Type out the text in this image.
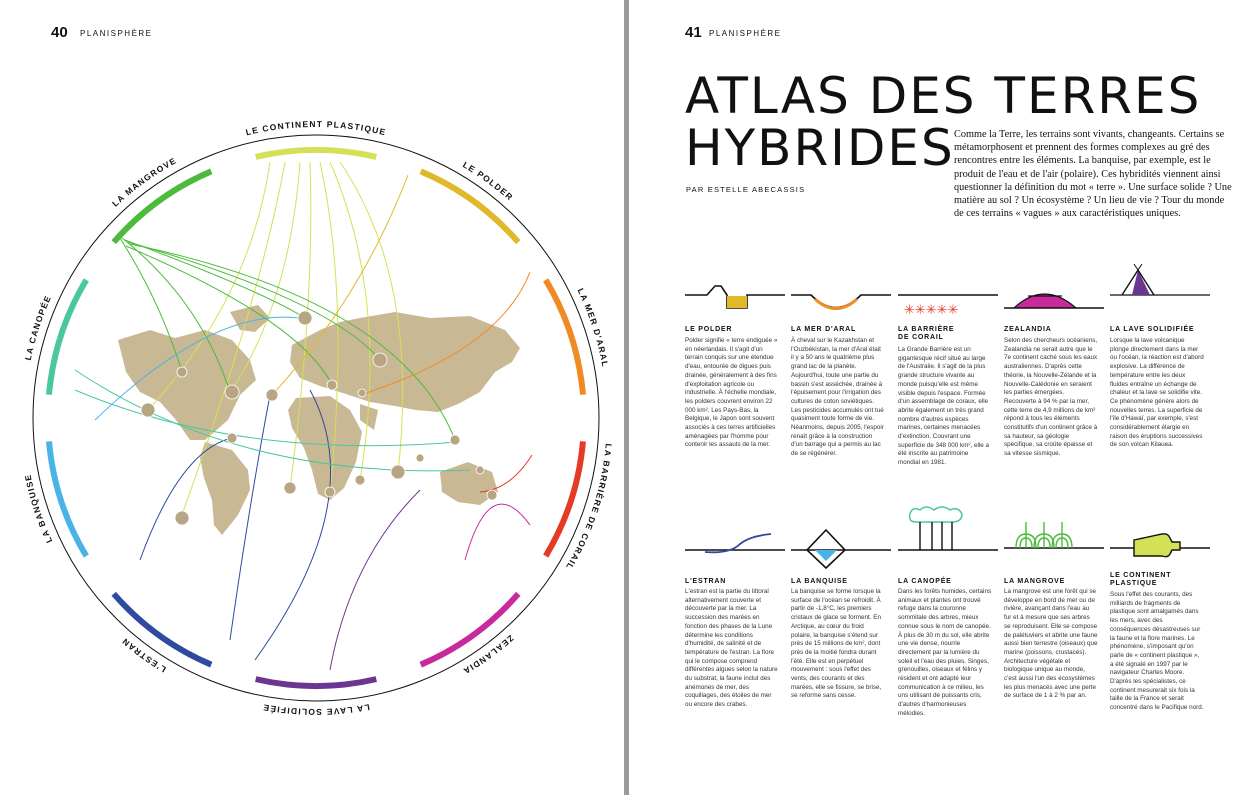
40 PLANISPHÈRE
LE CONTINENT PLASTIQUE
LE POLDER
LA MER D'ARAL
LA BARRIÈRE DE CORAIL
ZEALANDIA
LA LAVE SOLIDIFIÉE
L'ESTRAN
LA BANQUISE
LA CANOPÉE
LA MANGROVE
41 PLANISPHÈRE
ATLAS DES TERRES
HYBRIDES
PAR ESTELLE ABECASSIS

Comme la Terre, les terrains sont vivants, changeants. Certains se métamorphosent et prennent des formes complexes au gré des rencontres entre les éléments. La banquise, par exemple, est le produit de l'eau et de l'air (polaire). Ces hybridités viennent ainsi questionner la définition du mot « terre ». Une surface solide ? Une matière au sol ? Un écosystème ? Un lieu de vie ? Tour du monde de ces terrains « vagues » aux caractéristiques uniques.

LE POLDER

Polder signifie « terre endiguée » en néerlandais. Il s'agit d'un terrain conquis sur une étendue d'eau, entourée de digues puis drainée, généralement à des fins d'exploitation agricole ou industrielle. À l'échelle mondiale, les polders couvrent environ 22 000 km². Les Pays-Bas, la Belgique, le Japon sont souvent associés à ces terres artificielles aménagées par l'homme pour contenir les assauts de la mer.

LA MER D'ARAL

À cheval sur le Kazakhstan et l'Ouzbékistan, la mer d'Aral était il y a 50 ans le quatrième plus grand lac de la planète. Aujourd'hui, toute une partie du bassin s'est asséchée, drainée à l'épuisement pour l'irrigation des cultures de coton soviétiques. Les pesticides accumulés ont tué quasiment toute forme de vie. Néanmoins, depuis 2005, l'espoir renaît grâce à la construction d'un barrage qui a permis au lac de se régénérer.

✳✳✳✳✳
LA BARRIÈRE DE CORAIL

La Grande Barrière est un gigantesque récif situé au large de l'Australie. Il s'agit de la plus grande structure vivante au monde puisqu'elle est même visible depuis l'espace. Formée d'un assemblage de coraux, elle abrite également un très grand nombre d'autres espèces marines, certaines menacées d'extinction. Couvrant une superficie de 348 000 km², elle a été inscrite au patrimoine mondial en 1981.

ZEALANDIA

Selon des chercheurs océaniens, Zealandia ne serait autre que le 7e continent caché sous les eaux australiennes. D'après cette théorie, la Nouvelle-Zélande et la Nouvelle-Calédonie en seraient les parties émergées. Recouverte à 94 % par la mer, cette terre de 4,9 millions de km² répond à tous les éléments constitutifs d'un continent grâce à sa hauteur, sa géologie spécifique, sa croûte épaisse et sa vitesse sismique.

LA LAVE SOLIDIFIÉE

Lorsque la lave volcanique plonge directement dans la mer ou l'océan, la réaction est d'abord explosive. La différence de température entre les deux fluides entraîne un échange de chaleur et la lave se solidifie vite. Ce phénomène génère alors de nouvelles terres. La superficie de l'île d'Hawaï, par exemple, s'est considérablement élargie en raison des éruptions successives de son volcan Kilauea.

L'ESTRAN

L'estran est la partie du littoral alternativement couverte et découverte par la mer. La succession des marées en fonction des phases de la Lune détermine les conditions d'humidité, de salinité et de température de l'estran. La flore qui le compose comprend différentes algues selon la nature du substrat, la faune inclut des anémones de mer, des coquillages, des étoiles de mer ou encore des crabes.

LA BANQUISE

La banquise se forme lorsque la surface de l'océan se refroidit. À partir de -1,8°C, les premiers cristaux de glace se forment. En Arctique, au cœur du froid polaire, la banquise s'étend sur près de 15 millions de km², dont près de la moitié fondra durant l'été. Elle est en perpétuel mouvement : sous l'effet des vents, des courants et des marées, elle se fissure, se brise, se reforme sans cesse.

LA CANOPÉE

Dans les forêts humides, certains animaux et plantes ont trouvé refuge dans la couronne sommitale des arbres, mieux connue sous le nom de canopée. À plus de 30 m du sol, elle abrite une vie dense, nourrie directement par la lumière du soleil et l'eau des pluies. Singes, grenouilles, oiseaux et félins y résident et ont adapté leur communication à ce milieu, les uns utilisant de puissants cris, d'autres d'harmonieuses mélodies.

LA MANGROVE

La mangrove est une forêt qui se développe en bord de mer ou de rivière, avançant dans l'eau au fur et à mesure que ses arbres se reproduisent. Elle se compose de palétuviers et abrite une faune aussi bien terrestre (oiseaux) que marine (poissons, crustacés). Architecture végétale et biologique unique au monde, c'est aussi l'un des écosystèmes les plus menacés avec une perte de surface de 1 à 2 % par an.

LE CONTINENT PLASTIQUE

Sous l'effet des courants, des milliards de fragments de plastique sont amalgamés dans les mers, avec des conséquences désastreuses sur la faune et la flore marines. Le phénomène, s'imposant qu'on parle de « continent plastique », a été signalé en 1997 par le navigateur Charles Moore. D'après les spécialistes, ce continent mesurerait six fois la taille de la France et serait concentré dans le Pacifique nord.
